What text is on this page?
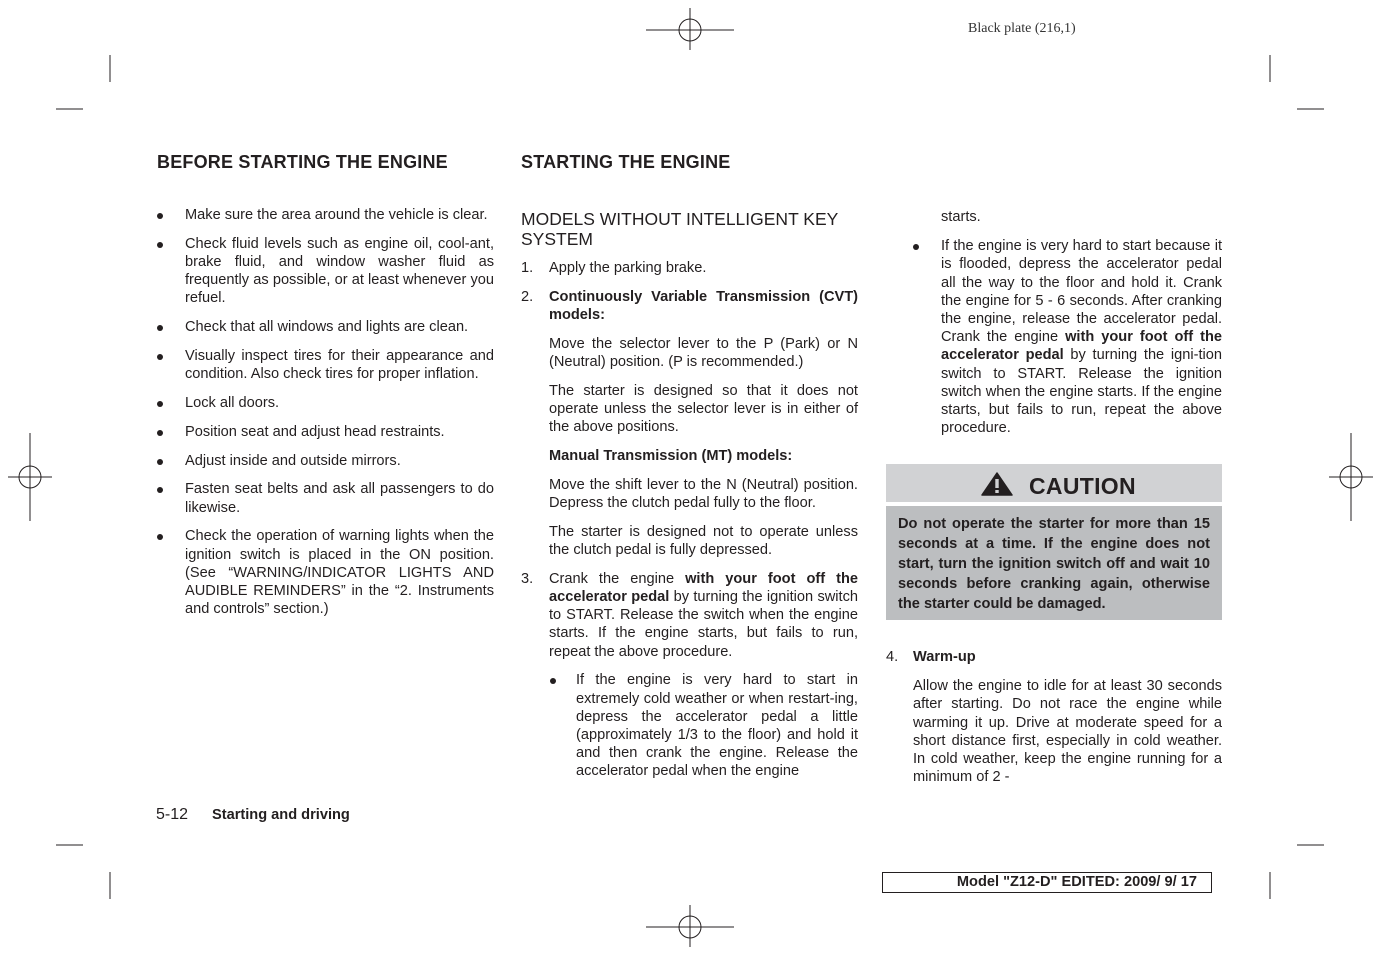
Black plate (216,1)
BEFORE STARTING THE ENGINE
Make sure the area around the vehicle is clear.
Check fluid levels such as engine oil, cool-ant, brake fluid, and window washer fluid as frequently as possible, or at least whenever you refuel.
Check that all windows and lights are clean.
Visually inspect tires for their appearance and condition. Also check tires for proper inflation.
Lock all doors.
Position seat and adjust head restraints.
Adjust inside and outside mirrors.
Fasten seat belts and ask all passengers to do likewise.
Check the operation of warning lights when the ignition switch is placed in the ON position. (See “WARNING/INDICATOR LIGHTS AND AUDIBLE REMINDERS” in the “2. Instruments and controls” section.)
STARTING THE ENGINE
MODELS WITHOUT INTELLIGENT KEY SYSTEM
1. Apply the parking brake.
2. Continuously Variable Transmission (CVT) models:

Move the selector lever to the P (Park) or N (Neutral) position. (P is recommended.)

The starter is designed so that it does not operate unless the selector lever is in either of the above positions.

Manual Transmission (MT) models:

Move the shift lever to the N (Neutral) position. Depress the clutch pedal fully to the floor.

The starter is designed not to operate unless the clutch pedal is fully depressed.

3. Crank the engine with your foot off the accelerator pedal by turning the ignition switch to START. Release the switch when the engine starts. If the engine starts, but fails to run, repeat the above procedure.
If the engine is very hard to start in extremely cold weather or when restart-ing, depress the accelerator pedal a little (approximately 1/3 to the floor) and hold it and then crank the engine. Release the accelerator pedal when the engine

starts.

If the engine is very hard to start because it is flooded, depress the accelerator pedal all the way to the floor and hold it. Crank the engine for 5 - 6 seconds. After cranking the engine, release the accelerator pedal. Crank the engine with your foot off the accelerator pedal by turning the igni-tion switch to START. Release the ignition switch when the engine starts. If the engine starts, but fails to run, repeat the above procedure.
CAUTION
Do not operate the starter for more than 15 seconds at a time. If the engine does not start, turn the ignition switch off and wait 10 seconds before cranking again, otherwise the starter could be damaged.
4. Warm-up

Allow the engine to idle for at least 30 seconds after starting. Do not race the engine while warming it up. Drive at moderate speed for a short distance first, especially in cold weather. In cold weather, keep the engine running for a minimum of 2 -

5-12 Starting and driving
Model "Z12-D" EDITED: 2009/ 9/ 17
